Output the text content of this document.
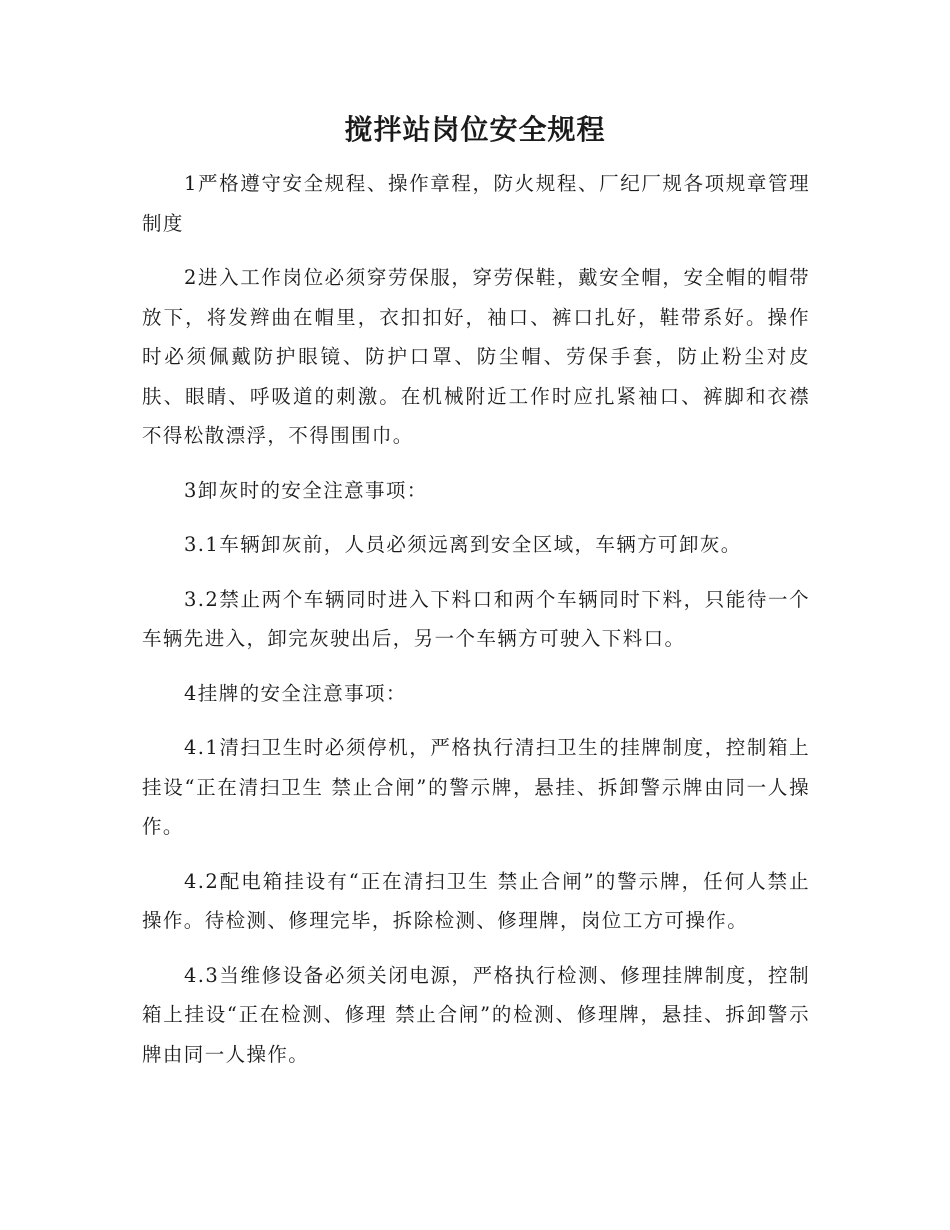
搅拌站岗位安全规程

1严格遵守安全规程、操作章程，防火规程、厂纪厂规各项规章管理制度

2进入工作岗位必须穿劳保服，穿劳保鞋，戴安全帽，安全帽的帽带放下，将发辫曲在帽里，衣扣扣好，袖口、裤口扎好，鞋带系好。操作时必须佩戴防护眼镜、防护口罩、防尘帽、劳保手套，防止粉尘对皮肤、眼睛、呼吸道的刺激。在机械附近工作时应扎紧袖口、裤脚和衣襟不得松散漂浮，不得围围巾。

3卸灰时的安全注意事项：

3.1车辆卸灰前，人员必须远离到安全区域，车辆方可卸灰。

3.2禁止两个车辆同时进入下料口和两个车辆同时下料，只能待一个车辆先进入，卸完灰驶出后，另一个车辆方可驶入下料口。

4挂牌的安全注意事项：

4.1清扫卫生时必须停机，严格执行清扫卫生的挂牌制度，控制箱上挂设“正在清扫卫生 禁止合闸”的警示牌，悬挂、拆卸警示牌由同一人操作。

4.2配电箱挂设有“正在清扫卫生 禁止合闸”的警示牌，任何人禁止操作。待检测、修理完毕，拆除检测、修理牌，岗位工方可操作。

4.3当维修设备必须关闭电源，严格执行检测、修理挂牌制度，控制箱上挂设“正在检测、修理 禁止合闸”的检测、修理牌，悬挂、拆卸警示牌由同一人操作。
